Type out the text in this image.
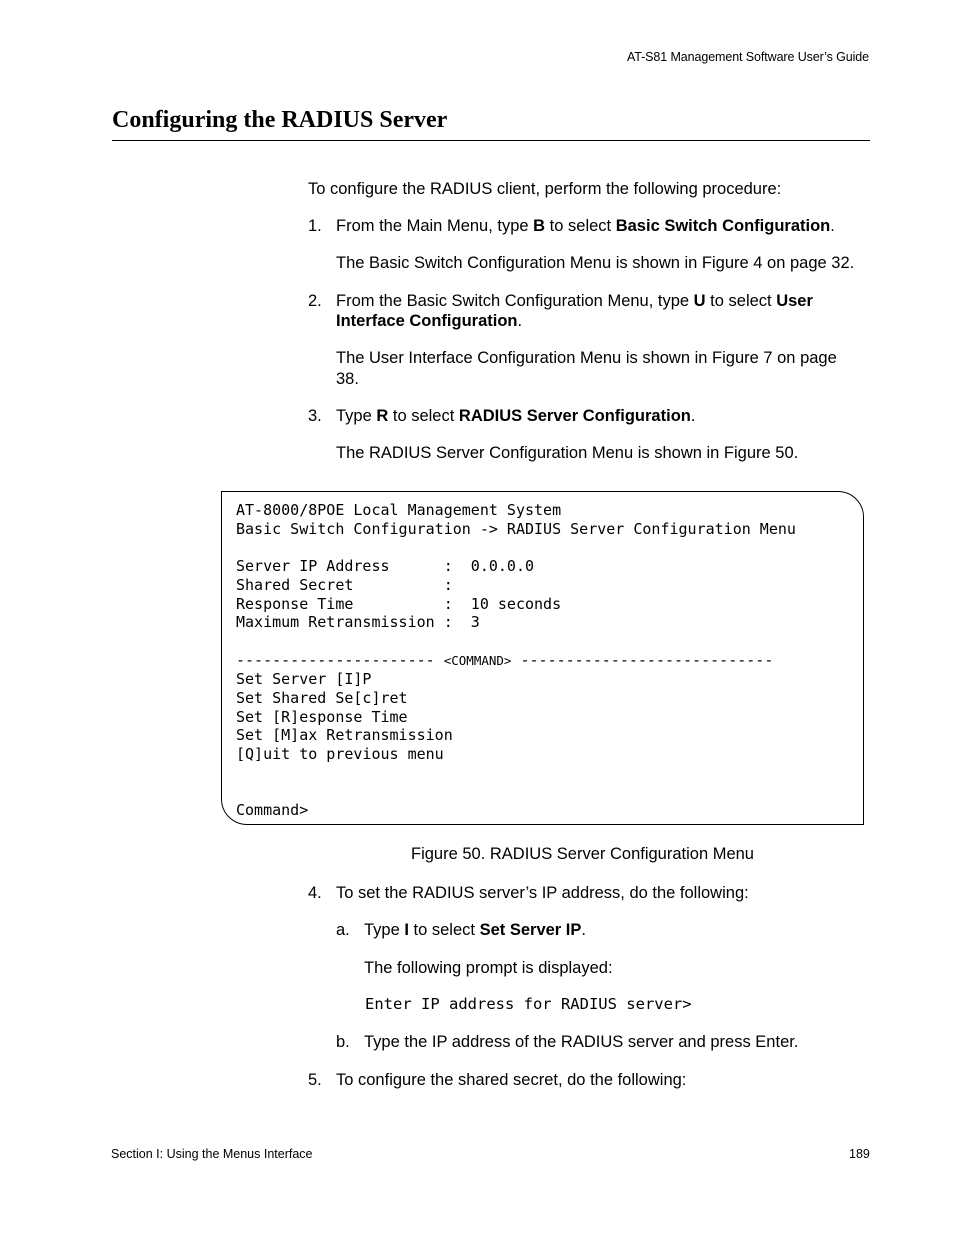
AT-S81 Management Software User’s Guide
Configuring the RADIUS Server
To configure the RADIUS client, perform the following procedure:
1. From the Main Menu, type B to select Basic Switch Configuration.
The Basic Switch Configuration Menu is shown in Figure 4 on page 32.
2. From the Basic Switch Configuration Menu, type U to select User
Interface Configuration.
The User Interface Configuration Menu is shown in Figure 7 on page
38.
3. Type R to select RADIUS Server Configuration.
The RADIUS Server Configuration Menu is shown in Figure 50.
AT-8000/8POE Local Management System
Basic Switch Configuration -> RADIUS Server Configuration Menu

Server IP Address      :  0.0.0.0
Shared Secret          :
Response Time          :  10 seconds
Maximum Retransmission :  3

---------------------- <COMMAND> ----------------------------
Set Server [I]P
Set Shared Se[c]ret
Set [R]esponse Time
Set [M]ax Retransmission
[Q]uit to previous menu

Command>
Figure 50. RADIUS Server Configuration Menu
4. To set the RADIUS server’s IP address, do the following:
a. Type I to select Set Server IP.
The following prompt is displayed:
Enter IP address for RADIUS server>
b. Type the IP address of the RADIUS server and press Enter.
5. To configure the shared secret, do the following:
Section I: Using the Menus Interface	189
